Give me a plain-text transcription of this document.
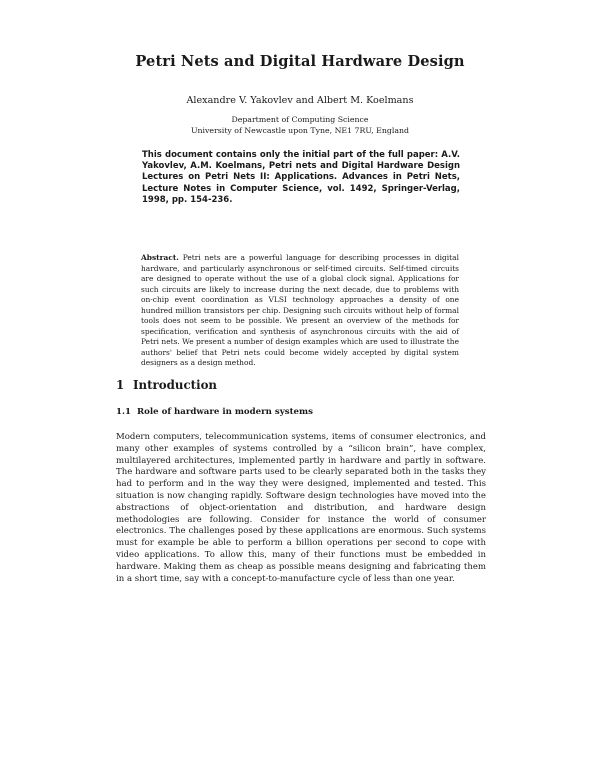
Petri Nets and Digital Hardware Design
Alexandre V. Yakovlev and Albert M. Koelmans
Department of Computing Science
University of Newcastle upon Tyne, NE1 7RU, England
This document contains only the initial part of the full paper: A.V. Yakovlev, A.M. Koelmans, Petri nets and Digital Hardware Design Lectures on Petri Nets II: Applications. Advances in Petri Nets, Lecture Notes in Computer Science, vol. 1492, Springer-Verlag, 1998, pp. 154-236.
Abstract. Petri nets are a powerful language for describing processes in digital hardware, and particularly asynchronous or self-timed circuits. Self-timed circuits are designed to operate without the use of a global clock signal. Applications for such circuits are likely to increase during the next decade, due to problems with on-chip event coordination as VLSI technology approaches a density of one hundred million transistors per chip. Designing such circuits without help of formal tools does not seem to be possible. We present an overview of the methods for specification, verification and synthesis of asynchronous circuits with the aid of Petri nets. We present a number of design examples which are used to illustrate the authors' belief that Petri nets could become widely accepted by digital system designers as a design method.
1 Introduction
1.1 Role of hardware in modern systems
Modern computers, telecommunication systems, items of consumer electronics, and many other examples of systems controlled by a “silicon brain”, have complex, multilayered architectures, implemented partly in hardware and partly in software. The hardware and software parts used to be clearly separated both in the tasks they had to perform and in the way they were designed, implemented and tested. This situation is now changing rapidly. Software design technologies have moved into the abstractions of object-orientation and distribution, and hardware design methodologies are following. Consider for instance the world of consumer electronics. The challenges posed by these applications are enormous. Such systems must for example be able to perform a billion operations per second to cope with video applications. To allow this, many of their functions must be embedded in hardware. Making them as cheap as possible means designing and fabricating them in a short time, say with a concept-to-manufacture cycle of less than one year.
